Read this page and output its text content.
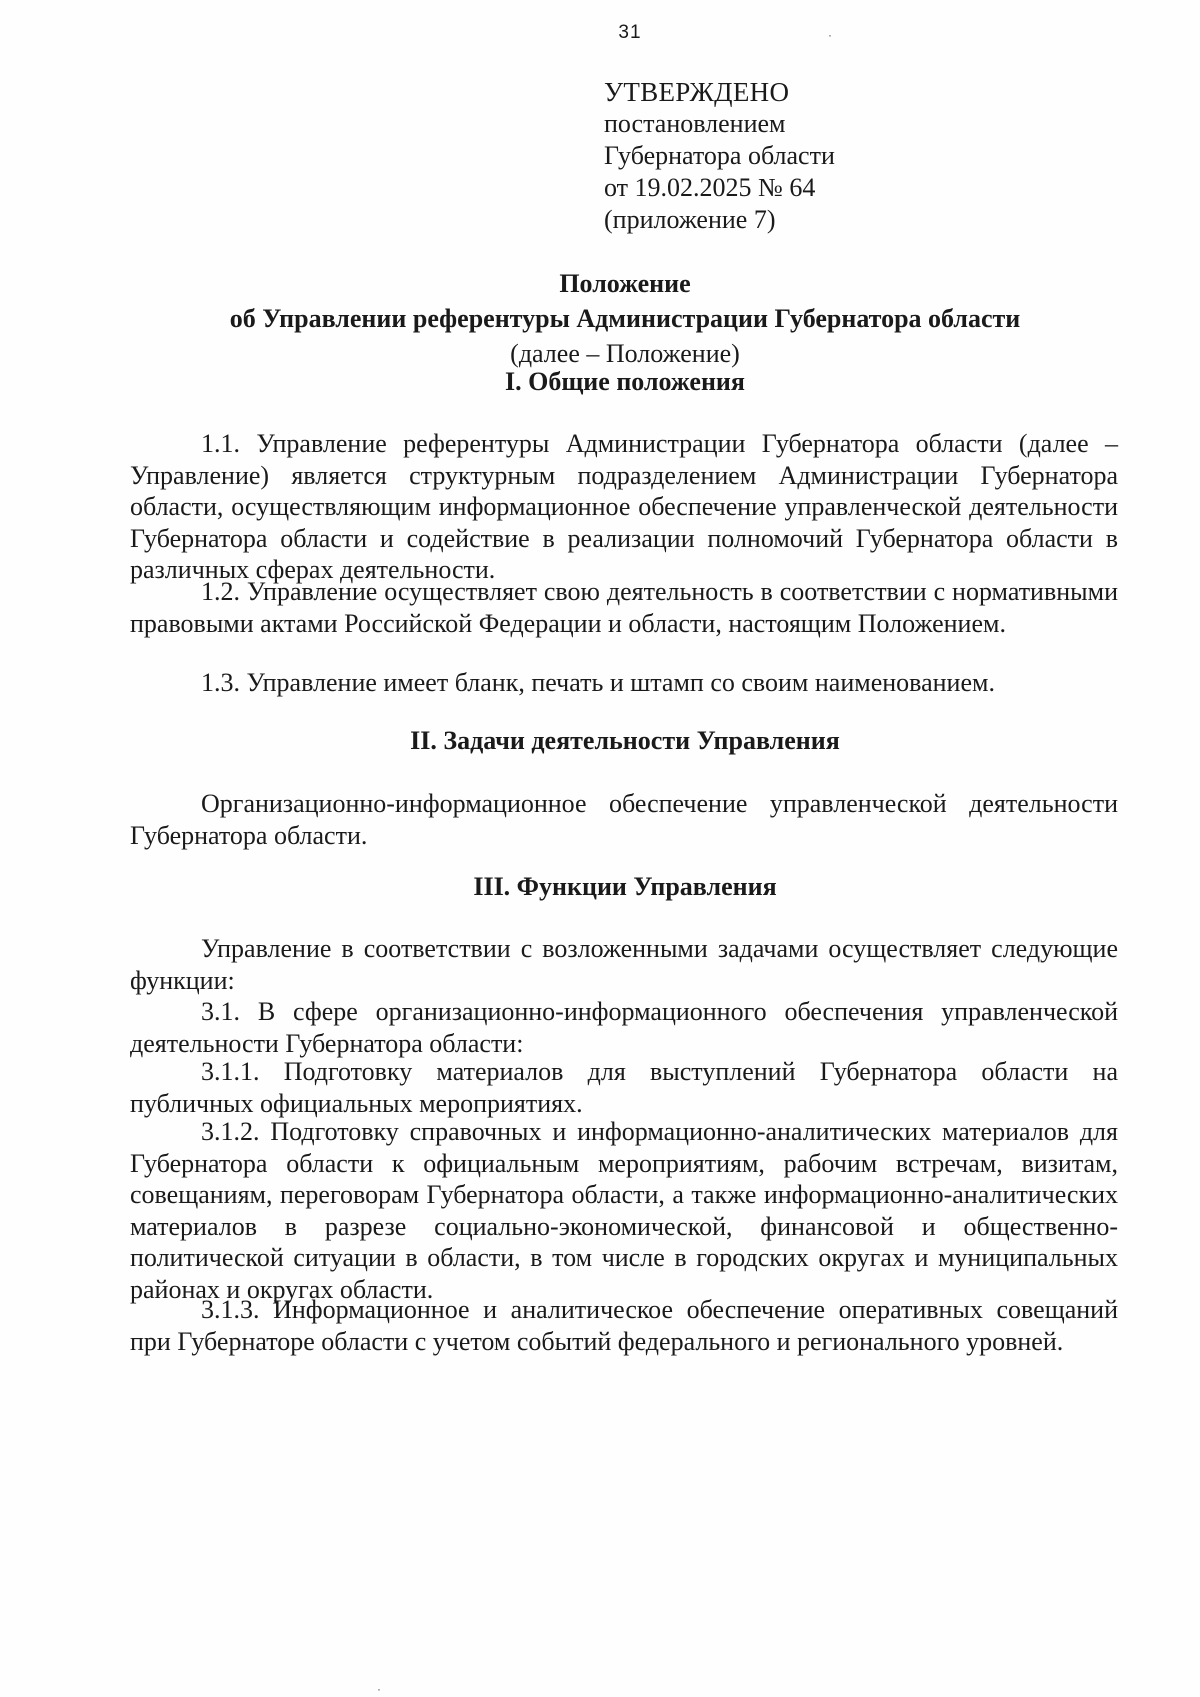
31
УТВЕРЖДЕНО
постановлением
Губернатора области
от 19.02.2025 № 64
(приложение 7)
Положение
об Управлении референтуры Администрации Губернатора области
(далее – Положение)
I. Общие положения
1.1. Управление референтуры Администрации Губернатора области (далее – Управление) является структурным подразделением Администрации Губернатора области, осуществляющим информационное обеспечение управленческой деятельности Губернатора области и содействие в реализации полномочий Губернатора области в различных сферах деятельности.
1.2. Управление осуществляет свою деятельность в соответствии с нормативными правовыми актами Российской Федерации и области, настоящим Положением.
1.3. Управление имеет бланк, печать и штамп со своим наименованием.
II. Задачи деятельности Управления
Организационно-информационное обеспечение управленческой деятельности Губернатора области.
III. Функции Управления
Управление в соответствии с возложенными задачами осуществляет следующие функции:
3.1. В сфере организационно-информационного обеспечения управленческой деятельности Губернатора области:
3.1.1. Подготовку материалов для выступлений Губернатора области на публичных официальных мероприятиях.
3.1.2. Подготовку справочных и информационно-аналитических материалов для Губернатора области к официальным мероприятиям, рабочим встречам, визитам, совещаниям, переговорам Губернатора области, а также информационно-аналитических материалов в разрезе социально-экономической, финансовой и общественно-политической ситуации в области, в том числе в городских округах и муниципальных районах и округах области.
3.1.3. Информационное и аналитическое обеспечение оперативных совещаний при Губернаторе области с учетом событий федерального и регионального уровней.
·
·
